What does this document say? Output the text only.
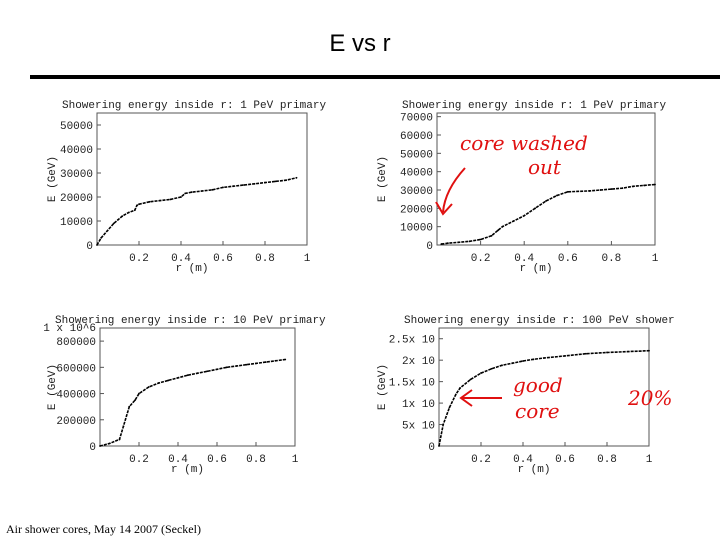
E vs r
Showering energy inside r: 1 PeV primary
0.2 0.4 0.6 0.8	1
r (m)
0
10000
20000
30000
40000
50000
E (GeV)
Showering energy inside r: 1 PeV primary
0.2 0.4 0.6 0.8	1
r (m)
0
10000
20000
30000
40000
50000
60000
70000
E (GeV)
Showering energy inside r: 10 PeV primary
0.2 0.4 0.6 0.8 1
r (m)
0
200000
400000
600000
800000
1 x 10^6
E (GeV)
Showering energy inside r: 100 PeV shower
0.2 0.4 0.6 0.8	1
r (m)
0
5x 10
1x 10
1.5x 10
2x 10
2.5x 10
E (GeV)
core washed
out
good
core
20%
Air shower cores, May 14 2007 (Seckel)
